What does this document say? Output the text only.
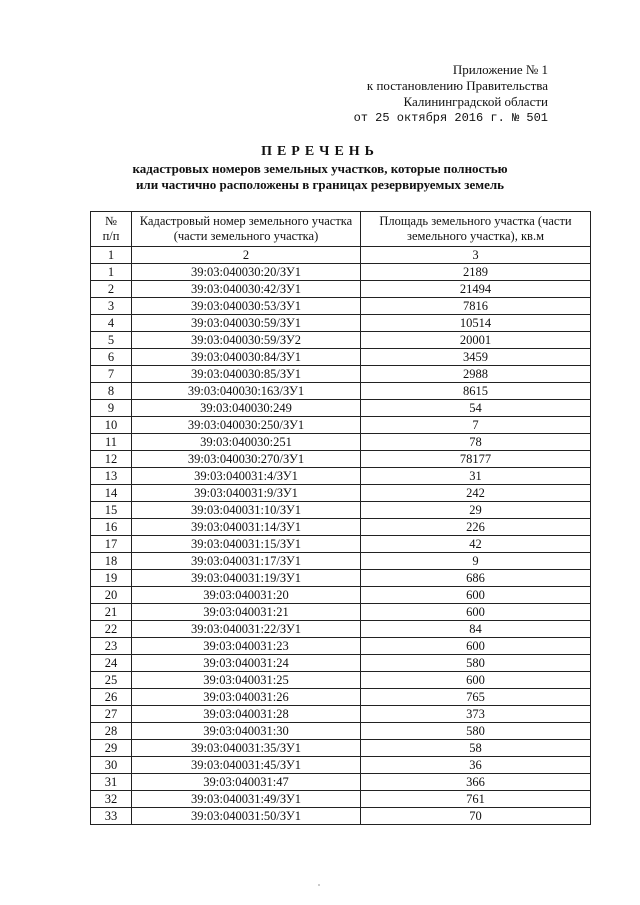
Приложение № 1
к постановлению Правительства
Калининградской области
от 25 октября 2016 г. № 501
ПЕРЕЧЕНЬ
кадастровых номеров земельных участков, которые полностью
или частично расположены в границах резервируемых земель
№
п/п	Кадастровый номер земельного участка (части земельного участка)	Площадь земельного участка (части земельного участка), кв.м
1	2	3
1	39:03:040030:20/ЗУ1	2189
2	39:03:040030:42/ЗУ1	21494
3	39:03:040030:53/ЗУ1	7816
4	39:03:040030:59/ЗУ1	10514
5	39:03:040030:59/ЗУ2	20001
6	39:03:040030:84/ЗУ1	3459
7	39:03:040030:85/ЗУ1	2988
8	39:03:040030:163/ЗУ1	8615
9	39:03:040030:249	54
10	39:03:040030:250/ЗУ1	7
11	39:03:040030:251	78
12	39:03:040030:270/ЗУ1	78177
13	39:03:040031:4/ЗУ1	31
14	39:03:040031:9/ЗУ1	242
15	39:03:040031:10/ЗУ1	29
16	39:03:040031:14/ЗУ1	226
17	39:03:040031:15/ЗУ1	42
18	39:03:040031:17/ЗУ1	9
19	39:03:040031:19/ЗУ1	686
20	39:03:040031:20	600
21	39:03:040031:21	600
22	39:03:040031:22/ЗУ1	84
23	39:03:040031:23	600
24	39:03:040031:24	580
25	39:03:040031:25	600
26	39:03:040031:26	765
27	39:03:040031:28	373
28	39:03:040031:30	580
29	39:03:040031:35/ЗУ1	58
30	39:03:040031:45/ЗУ1	36
31	39:03:040031:47	366
32	39:03:040031:49/ЗУ1	761
33	39:03:040031:50/ЗУ1	70
